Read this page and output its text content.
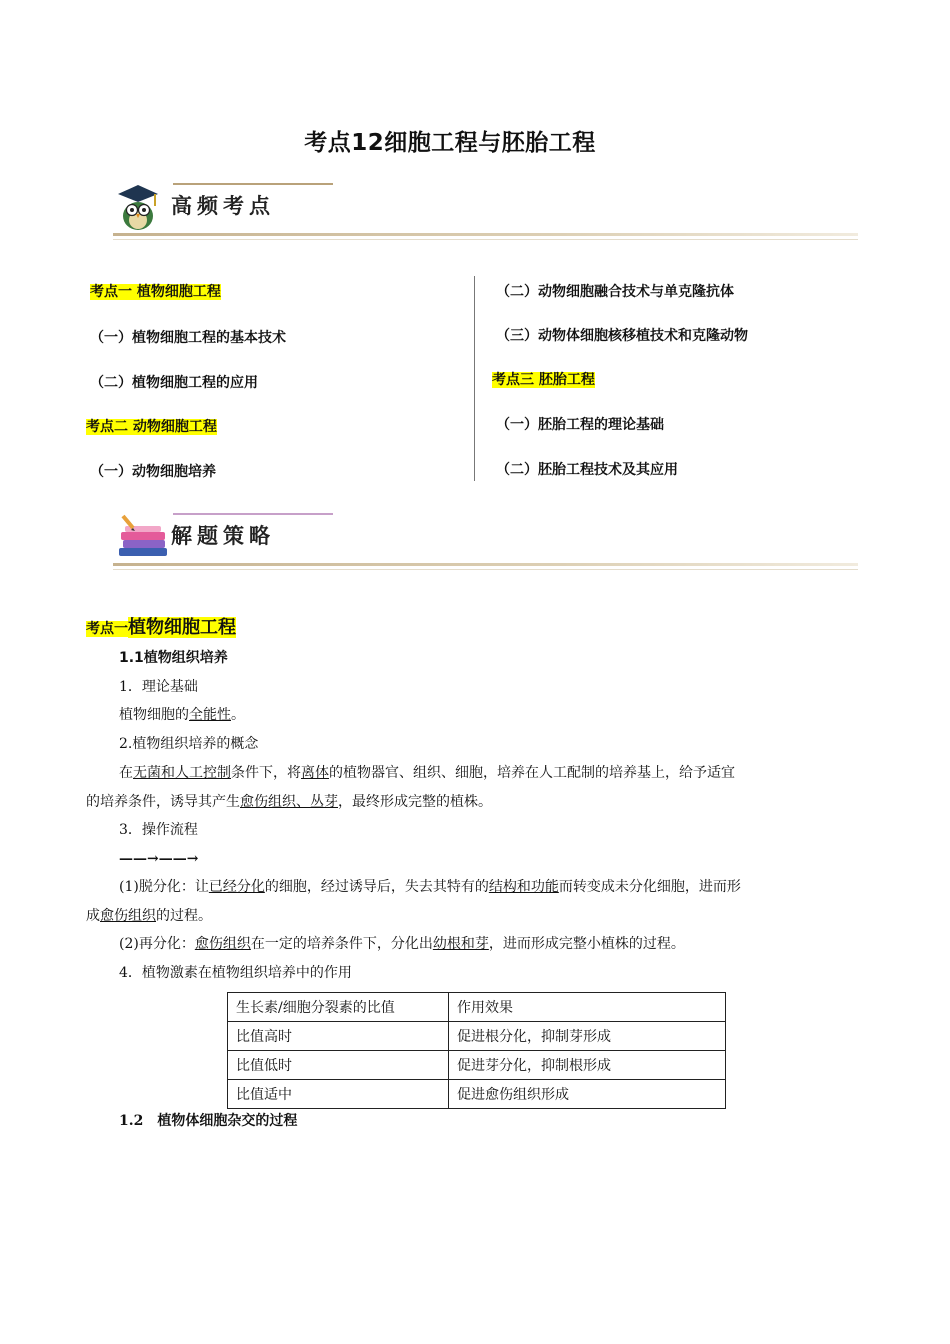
考点12细胞工程与胚胎工程
高频考点
考点一 植物细胞工程
（一）植物细胞工程的基本技术
（二）植物细胞工程的应用
考点二 动物细胞工程
（一）动物细胞培养
（二）动物细胞融合技术与单克隆抗体
（三）动物体细胞核移植技术和克隆动物
考点三 胚胎工程
（一）胚胎工程的理论基础
（二）胚胎工程技术及其应用
解题策略
考点一植物细胞工程
1.1植物组织培养
1．理论基础
植物细胞的全能性。
2.植物组织培养的概念
在无菌和人工控制条件下，将离体的植物器官、组织、细胞，培养在人工配制的培养基上，给予适宜
的培养条件，诱导其产生愈伤组织、丛芽，最终形成完整的植株。
3．操作流程
——→——→
(1)脱分化：让已经分化的细胞，经过诱导后，失去其特有的结构和功能而转变成未分化细胞，进而形
成愈伤组织的过程。
(2)再分化：愈伤组织在一定的培养条件下，分化出幼根和芽，进而形成完整小植株的过程。
4．植物激素在植物组织培养中的作用
生长素/细胞分裂素的比值	作用效果
比值高时	促进根分化，抑制芽形成
比值低时	促进芽分化，抑制根形成
比值适中	促进愈伤组织形成
1.2　植物体细胞杂交的过程
